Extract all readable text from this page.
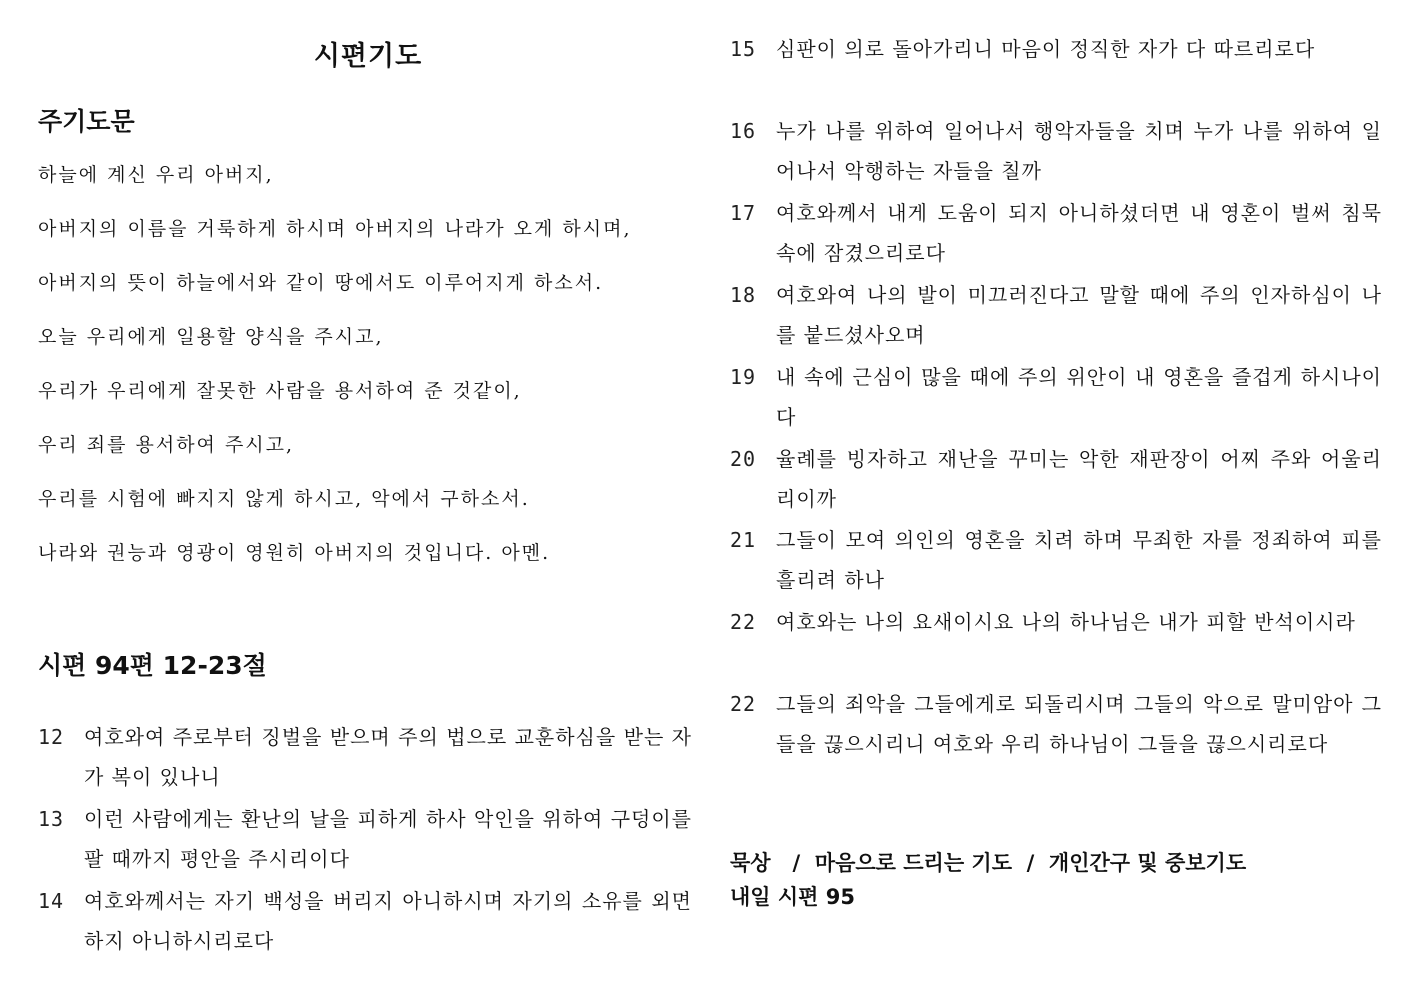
시편기도
주기도문
하늘에 계신 우리 아버지,
아버지의 이름을 거룩하게 하시며 아버지의 나라가 오게 하시며,
아버지의 뜻이 하늘에서와 같이 땅에서도 이루어지게 하소서.
오늘 우리에게 일용할 양식을 주시고,
우리가 우리에게 잘못한 사람을 용서하여 준 것같이,
우리 죄를 용서하여 주시고,
우리를 시험에 빠지지 않게 하시고, 악에서 구하소서.
나라와 권능과 영광이 영원히 아버지의 것입니다. 아멘.
시편 94편 12-23절
12 여호와여 주로부터 징벌을 받으며 주의 법으로 교훈하심을 받는 자가 복이 있나니
13 이런 사람에게는 환난의 날을 피하게 하사 악인을 위하여 구덩이를 팔 때까지 평안을 주시리이다
14 여호와께서는 자기 백성을 버리지 아니하시며 자기의 소유를 외면하지 아니하시리로다
15 심판이 의로 돌아가리니 마음이 정직한 자가 다 따르리로다
16 누가 나를 위하여 일어나서 행악자들을 치며 누가 나를 위하여 일어나서 악행하는 자들을 칠까
17 여호와께서 내게 도움이 되지 아니하셨더면 내 영혼이 벌써 침묵 속에 잠겼으리로다
18 여호와여 나의 발이 미끄러진다고 말할 때에 주의 인자하심이 나를 붙드셨사오며
19 내 속에 근심이 많을 때에 주의 위안이 내 영혼을 즐겁게 하시나이다
20 율례를 빙자하고 재난을 꾸미는 악한 재판장이 어찌 주와 어울리리이까
21 그들이 모여 의인의 영혼을 치려 하며 무죄한 자를 정죄하여 피를 흘리려 하나
22 여호와는 나의 요새이시요 나의 하나님은 내가 피할 반석이시라
22 그들의 죄악을 그들에게로 되돌리시며 그들의 악으로 말미암아 그들을 끊으시리니 여호와 우리 하나님이 그들을 끊으시리로다
묵상   /  마음으로 드리는 기도  /  개인간구 및 중보기도
내일 시편 95
